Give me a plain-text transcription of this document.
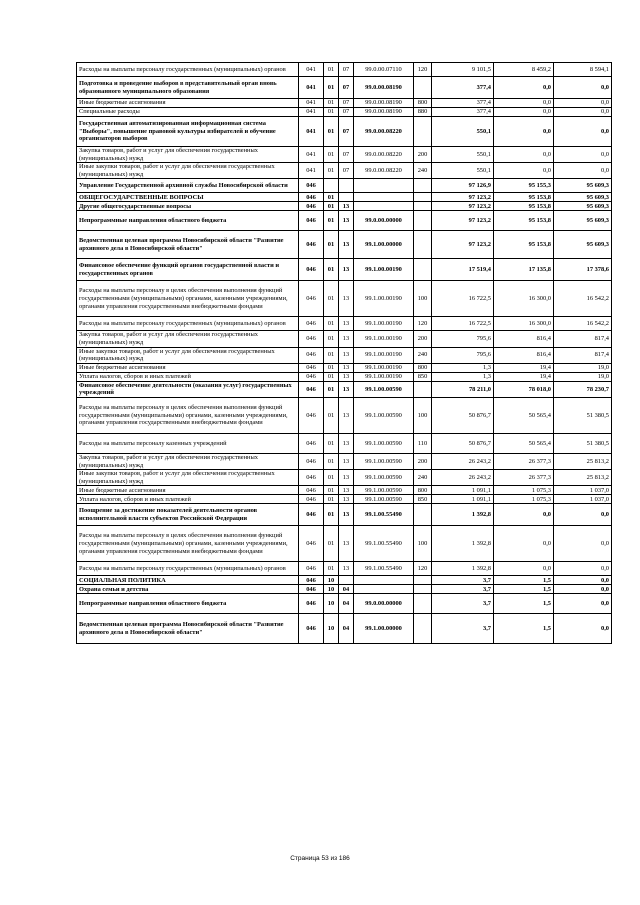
Расходы на выплаты персоналу государственных (муниципальных) органов	041	01	07	99.0.00.07110	120	9 101,5	8 459,2	8 594,1
Подготовка и проведение выборов в представительный орган вновь образованного муниципального образования	041	01	07	99.0.00.08190		377,4	0,0	0,0
Иные бюджетные ассигнования	041	01	07	99.0.00.08190	800	377,4	0,0	0,0
Специальные расходы	041	01	07	99.0.00.08190	880	377,4	0,0	0,0
Государственная автоматизированная информационная система "Выборы", повышение правовой культуры избирателей и обучение организаторов выборов	041	01	07	99.0.00.08220		550,1	0,0	0,0
Закупка товаров, работ и услуг для обеспечения государственных (муниципальных) нужд	041	01	07	99.0.00.08220	200	550,1	0,0	0,0
Иные закупки товаров, работ и услуг для обеспечения государственных (муниципальных) нужд	041	01	07	99.0.00.08220	240	550,1	0,0	0,0
Управление Государственной архивной службы Новосибирской области	046					97 126,9	95 155,3	95 609,3
ОБЩЕГОСУДАРСТВЕННЫЕ ВОПРОСЫ	046	01				97 123,2	95 153,8	95 609,3
Другие общегосударственные вопросы	046	01	13			97 123,2	95 153,8	95 609,3
Непрограммные направления областного бюджета	046	01	13	99.0.00.00000		97 123,2	95 153,8	95 609,3
Ведомственная целевая программа Новосибирской области "Развитие архивного дела в Новосибирской области"	046	01	13	99.1.00.00000		97 123,2	95 153,8	95 609,3
Финансовое обеспечение функций органов государственной власти и государственных органов	046	01	13	99.1.00.00190		17 519,4	17 135,8	17 378,6
Расходы на выплаты персоналу в целях обеспечения выполнения функций государственными (муниципальными) органами, казенными учреждениями, органами управления государственными внебюджетными фондами	046	01	13	99.1.00.00190	100	16 722,5	16 300,0	16 542,2
Расходы на выплаты персоналу государственных (муниципальных) органов	046	01	13	99.1.00.00190	120	16 722,5	16 300,0	16 542,2
Закупка товаров, работ и услуг для обеспечения государственных (муниципальных) нужд	046	01	13	99.1.00.00190	200	795,6	816,4	817,4
Иные закупки товаров, работ и услуг для обеспечения государственных (муниципальных) нужд	046	01	13	99.1.00.00190	240	795,6	816,4	817,4
Иные бюджетные ассигнования	046	01	13	99.1.00.00190	800	1,3	19,4	19,0
Уплата налогов, сборов и иных платежей	046	01	13	99.1.00.00190	850	1,3	19,4	19,0
Финансовое обеспечение деятельности (оказания услуг) государственных учреждений	046	01	13	99.1.00.00590		78 211,0	78 018,0	78 230,7
Расходы на выплаты персоналу в целях обеспечения выполнения функций государственными (муниципальными) органами, казенными учреждениями, органами управления государственными внебюджетными фондами	046	01	13	99.1.00.00590	100	50 876,7	50 565,4	51 380,5
Расходы на выплаты персоналу казенных учреждений	046	01	13	99.1.00.00590	110	50 876,7	50 565,4	51 380,5
Закупка товаров, работ и услуг для обеспечения государственных (муниципальных) нужд	046	01	13	99.1.00.00590	200	26 243,2	26 377,3	25 813,2
Иные закупки товаров, работ и услуг для обеспечения государственных (муниципальных) нужд	046	01	13	99.1.00.00590	240	26 243,2	26 377,3	25 813,2
Иные бюджетные ассигнования	046	01	13	99.1.00.00590	800	1 091,1	1 075,3	1 037,0
Уплата налогов, сборов и иных платежей	046	01	13	99.1.00.00590	850	1 091,1	1 075,3	1 037,0
Поощрение за достижение показателей деятельности органов исполнительной власти субъектов Российской Федерации	046	01	13	99.1.00.55490		1 392,8	0,0	0,0
Расходы на выплаты персоналу в целях обеспечения выполнения функций государственными (муниципальными) органами, казенными учреждениями, органами управления государственными внебюджетными фондами	046	01	13	99.1.00.55490	100	1 392,8	0,0	0,0
Расходы на выплаты персоналу государственных (муниципальных) органов	046	01	13	99.1.00.55490	120	1 392,8	0,0	0,0
СОЦИАЛЬНАЯ ПОЛИТИКА	046	10				3,7	1,5	0,0
Охрана семьи и детства	046	10	04			3,7	1,5	0,0
Непрограммные направления областного бюджета	046	10	04	99.0.00.00000		3,7	1,5	0,0
Ведомственная целевая программа Новосибирской области "Развитие архивного дела в Новосибирской области"	046	10	04	99.1.00.00000		3,7	1,5	0,0
Страница 53 из 186
